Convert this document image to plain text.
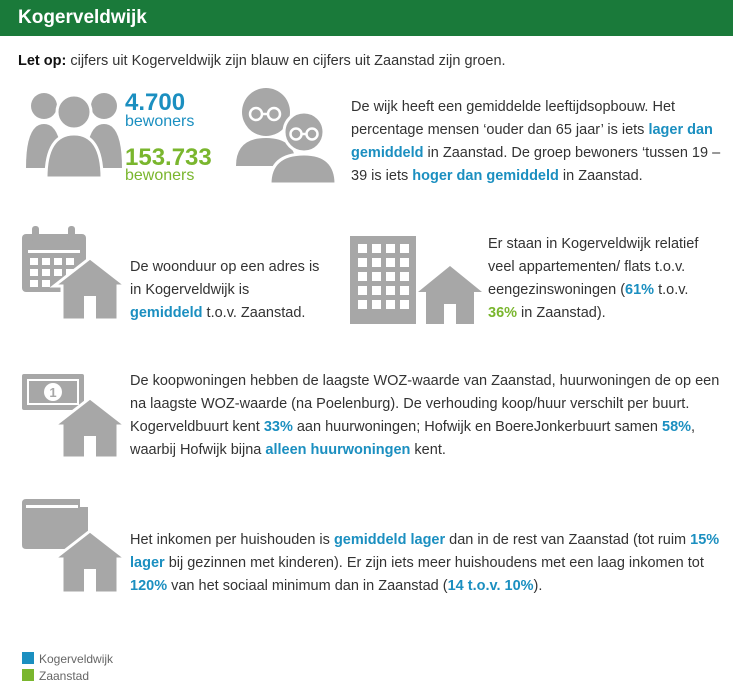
Kogerveldwijk
Let op: cijfers uit Kogerveldwijk zijn blauw en cijfers uit Zaanstad zijn groen.
4.700
bewoners
153.733
bewoners
De wijk heeft een gemiddelde leeftijdsopbouw. Het percentage mensen ‘ouder dan 65 jaar’ is iets lager dan gemiddeld in Zaanstad. De groep bewoners ‘tussen 19 – 39 is iets hoger dan gemiddeld in Zaanstad.
De woonduur op een adres is in Kogerveldwijk is gemiddeld t.o.v. Zaanstad.
Er staan in Kogerveldwijk relatief veel appartementen/ flats t.o.v. eengezinswoningen (61% t.o.v. 36% in Zaanstad).
1
De koopwoningen hebben de laagste WOZ-waarde van Zaanstad, huurwoningen de op een na laagste WOZ-waarde (na Poelenburg). De verhouding koop/huur verschilt per buurt. Kogerveldbuurt kent 33% aan huurwoningen; Hofwijk en BoereJonkerbuurt samen 58%, waarbij Hofwijk bijna alleen huurwoningen kent.
Het inkomen per huishouden is gemiddeld lager dan in de rest van Zaanstad (tot ruim 15% lager bij gezinnen met kinderen). Er zijn iets meer huishoudens met een laag inkomen tot 120% van het sociaal minimum dan in Zaanstad (14 t.o.v. 10%).
Kogerveldwijk
Zaanstad
